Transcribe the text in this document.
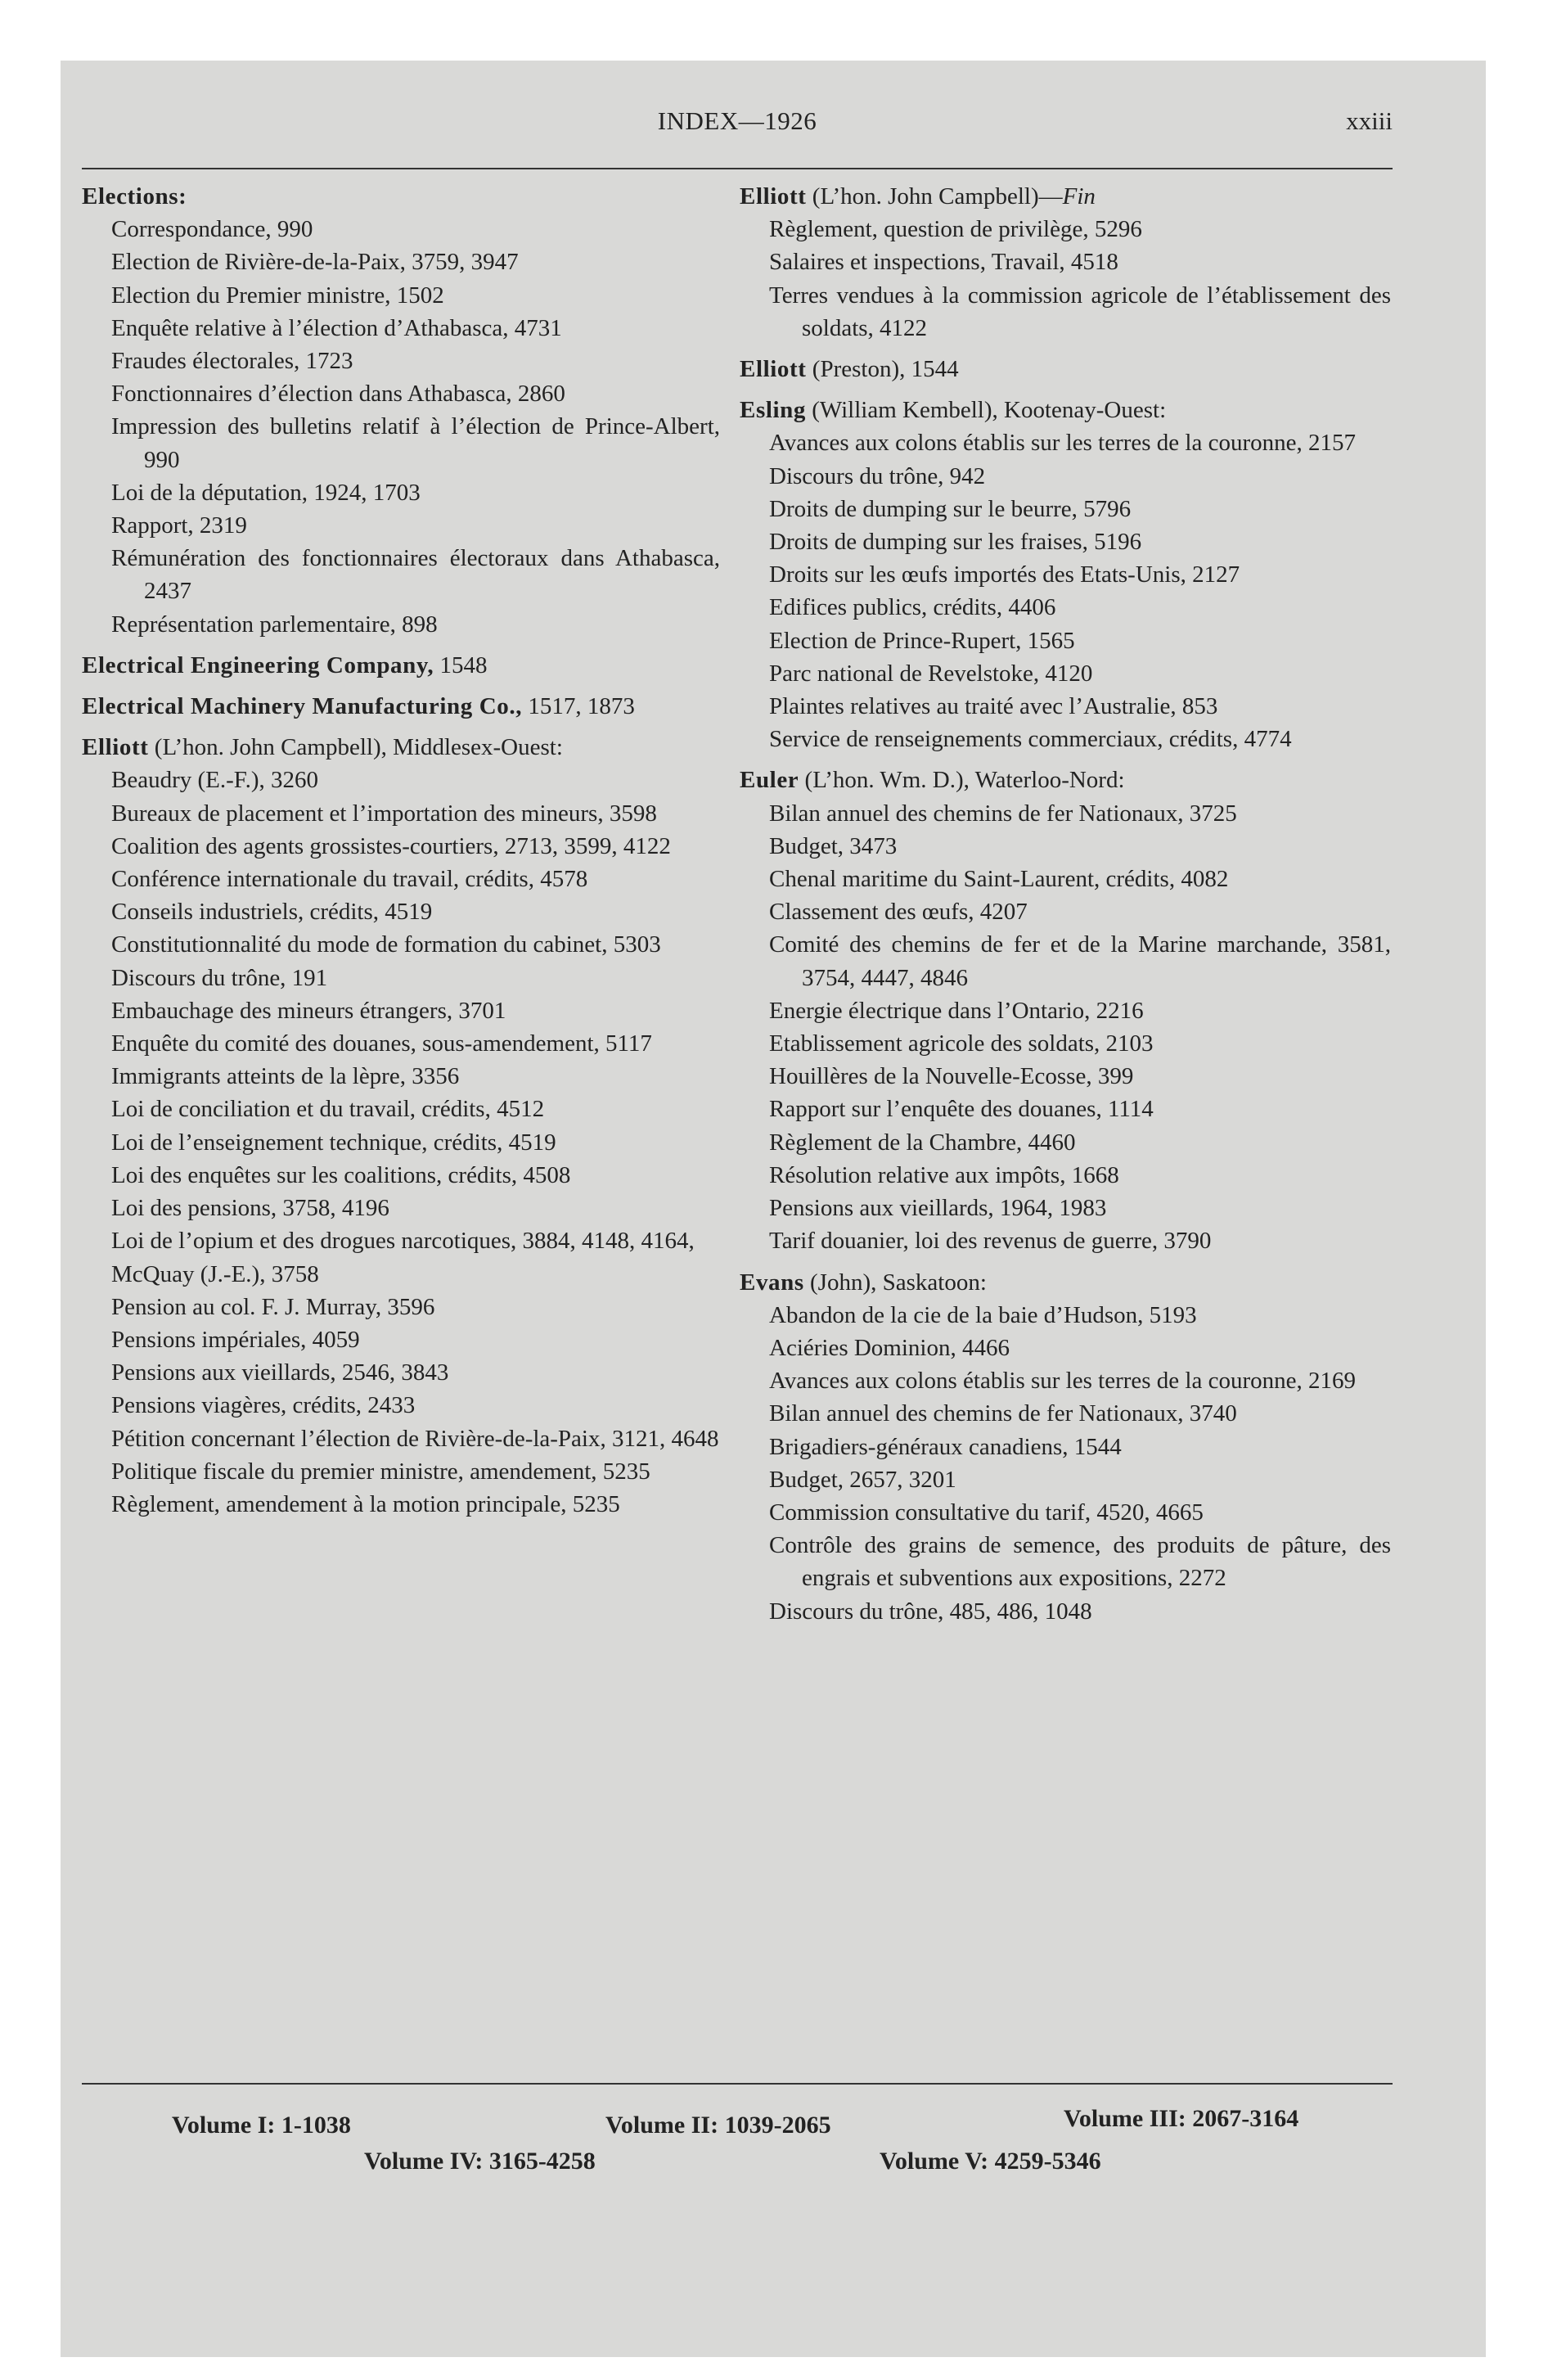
INDEX—1926	xxiii

Elections:

Correspondance, 990

Election de Rivière-de-la-Paix, 3759, 3947

Election du Premier ministre, 1502

Enquête relative à l’élection d’Athabasca, 4731

Fraudes électorales, 1723

Fonctionnaires d’élection dans Athabasca, 2860

Impression des bulletins relatif à l’élection de Prince-Albert, 990

Loi de la députation, 1924, 1703

Rapport, 2319

Rémunération des fonctionnaires électoraux dans Athabasca, 2437

Représentation parlementaire, 898

Electrical Engineering Company, 1548

Electrical Machinery Manufacturing Co., 1517, 1873

Elliott (L’hon. John Campbell), Middlesex-Ouest:

Beaudry (E.-F.), 3260

Bureaux de placement et l’importation des mineurs, 3598

Coalition des agents grossistes-courtiers, 2713, 3599, 4122

Conférence internationale du travail, crédits, 4578

Conseils industriels, crédits, 4519

Constitutionnalité du mode de formation du cabinet, 5303

Discours du trône, 191

Embauchage des mineurs étrangers, 3701

Enquête du comité des douanes, sous-amendement, 5117

Immigrants atteints de la lèpre, 3356

Loi de conciliation et du travail, crédits, 4512

Loi de l’enseignement technique, crédits, 4519

Loi des enquêtes sur les coalitions, crédits, 4508

Loi des pensions, 3758, 4196

Loi de l’opium et des drogues narcotiques, 3884, 4148, 4164,

McQuay (J.-E.), 3758

Pension au col. F. J. Murray, 3596

Pensions impériales, 4059

Pensions aux vieillards, 2546, 3843

Pensions viagères, crédits, 2433

Pétition concernant l’élection de Rivière-de-la-Paix, 3121, 4648

Politique fiscale du premier ministre, amendement, 5235

Règlement, amendement à la motion principale, 5235

Elliott (L’hon. John Campbell)—Fin

Règlement, question de privilège, 5296

Salaires et inspections, Travail, 4518

Terres vendues à la commission agricole de l’établissement des soldats, 4122

Elliott (Preston), 1544

Esling (William Kembell), Kootenay-Ouest:

Avances aux colons établis sur les terres de la couronne, 2157

Discours du trône, 942

Droits de dumping sur le beurre, 5796

Droits de dumping sur les fraises, 5196

Droits sur les œufs importés des Etats-Unis, 2127

Edifices publics, crédits, 4406

Election de Prince-Rupert, 1565

Parc national de Revelstoke, 4120

Plaintes relatives au traité avec l’Australie, 853

Service de renseignements commerciaux, crédits, 4774

Euler (L’hon. Wm. D.), Waterloo-Nord:

Bilan annuel des chemins de fer Nationaux, 3725

Budget, 3473

Chenal maritime du Saint-Laurent, crédits, 4082

Classement des œufs, 4207

Comité des chemins de fer et de la Marine marchande, 3581, 3754, 4447, 4846

Energie électrique dans l’Ontario, 2216

Etablissement agricole des soldats, 2103

Houillères de la Nouvelle-Ecosse, 399

Rapport sur l’enquête des douanes, 1114

Règlement de la Chambre, 4460

Résolution relative aux impôts, 1668

Pensions aux vieillards, 1964, 1983

Tarif douanier, loi des revenus de guerre, 3790

Evans (John), Saskatoon:

Abandon de la cie de la baie d’Hudson, 5193

Aciéries Dominion, 4466

Avances aux colons établis sur les terres de la couronne, 2169

Bilan annuel des chemins de fer Nationaux, 3740

Brigadiers-généraux canadiens, 1544

Budget, 2657, 3201

Commission consultative du tarif, 4520, 4665

Contrôle des grains de semence, des produits de pâture, des engrais et subventions aux expositions, 2272

Discours du trône, 485, 486, 1048

Volume I: 1-1038	Volume II: 1039-2065	Volume III: 2067-3164
Volume IV: 3165-4258	Volume V: 4259-5346
